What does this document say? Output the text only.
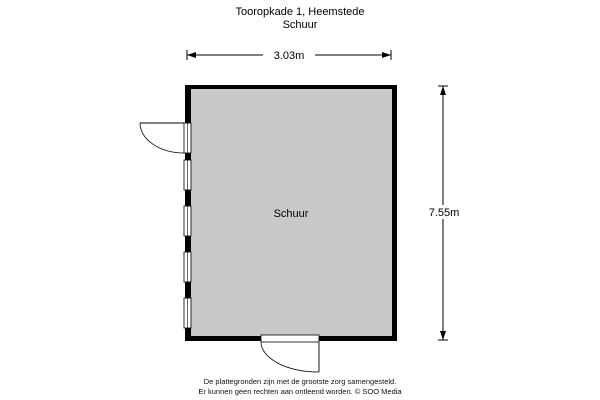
Tooropkade 1, Heemstede
Schuur
3.03m
7.55m
Schuur
De plattegronden zijn met de grootste zorg samengesteld.
Er kunnen geen rechten aan ontleend worden. © SOO Media
